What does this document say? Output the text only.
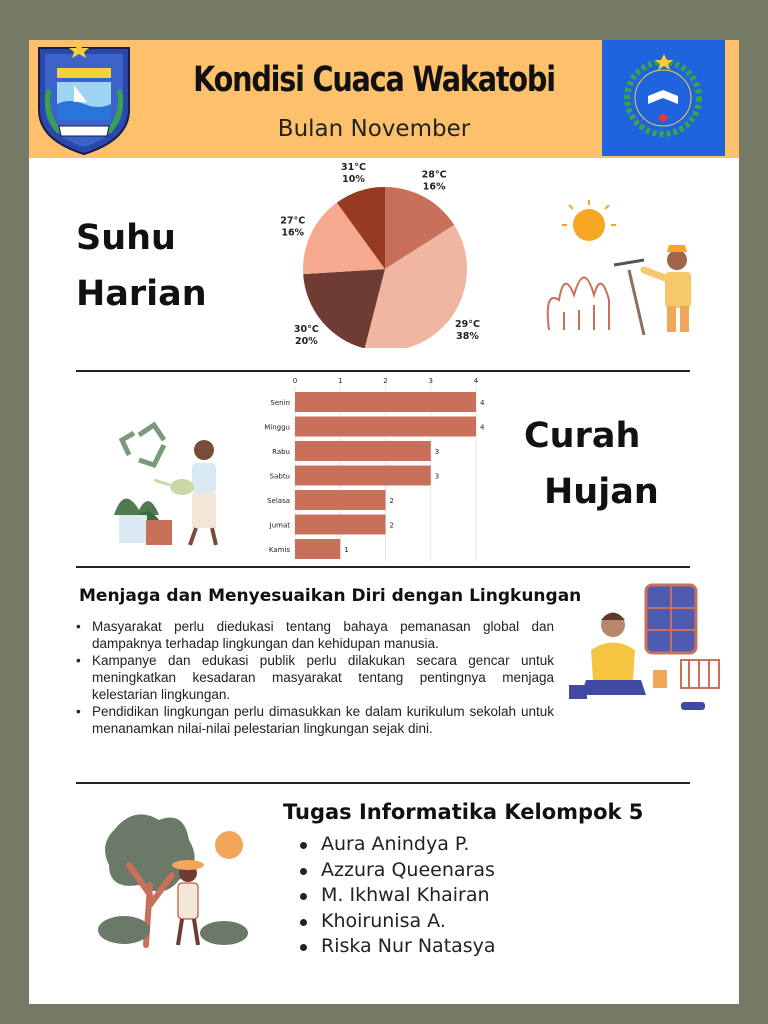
Kondisi Cuaca Wakatobi
Bulan November
Suhu
Harian
28°C
16%
29°C
38%
30°C
20%
27°C
16%
31°C
10%
0	1	2	3	4
Senin	4
Minggu	4
Rabu	3
Sabtu	3
Selasa	2
Jumat	2
Kamis	1
Curah
Hujan
Menjaga dan Menyesuaikan Diri dengan Lingkungan
• Masyarakat perlu diedukasi tentang bahaya pemanasan global dan dampaknya terhadap lingkungan dan kehidupan manusia.
• Kampanye dan edukasi publik perlu dilakukan secara gencar untuk meningkatkan kesadaran masyarakat tentang pentingnya menjaga kelestarian lingkungan.
• Pendidikan lingkungan perlu dimasukkan ke dalam kurikulum sekolah untuk menanamkan nilai-nilai pelestarian lingkungan sejak dini.
Tugas Informatika Kelompok 5
Aura Anindya P.
Azzura Queenaras
M. Ikhwal Khairan
Khoirunisa A.
Riska Nur Natasya
